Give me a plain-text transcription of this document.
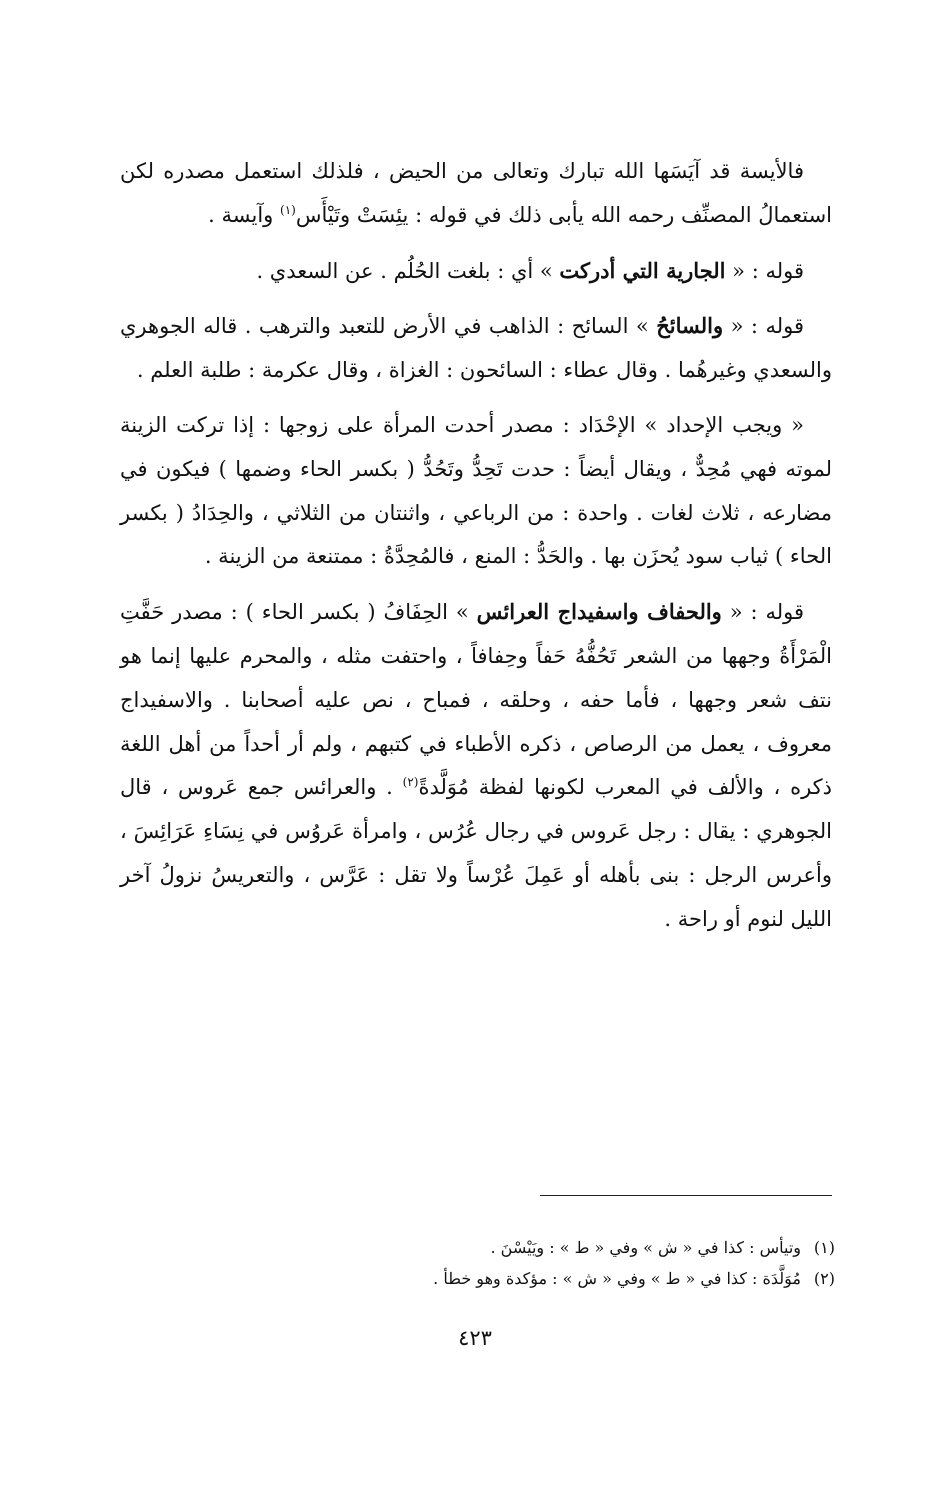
فالأيسة قد آيَسَها الله تبارك وتعالى من الحيض ، فلذلك استعمل مصدره لكن استعمالُ المصنِّف رحمه الله يأبى ذلك في قوله : يئِسَتْ وتَيْأَس$^{(١)}$ وآيسة .

قوله : « الجارية التي أدركت » أي : بلغت الحُلُم . عن السعدي .

قوله : « والسائحُ » السائح : الذاهب في الأرض للتعبد والترهب . قاله الجوهري والسعدي وغيرهُما . وقال عطاء : السائحون : الغزاة ، وقال عكرمة : طلبة العلم .

« ويجب الإحداد » الإحْدَاد : مصدر أحدت المرأة على زوجها : إذا تركت الزينة لموته فهي مُحِدٌّ ، ويقال أيضاً : حدت تَحِدُّ وتَحُدُّ ( بكسر الحاء وضمها ) فيكون في مضارعه ، ثلاث لغات . واحدة : من الرباعي ، واثنتان من الثلاثي ، والحِدَادُ ( بكسر الحاء ) ثياب سود يُحزَن بها . والحَدُّ : المنع ، فالمُحِدَّةُ : ممتنعة من الزينة .

قوله : « والحفاف واسفيداج العرائس » الحِفَافُ ( بكسر الحاء ) : مصدر حَفَّتِ الْمَرْأَةُ وجهها من الشعر تَحُفُّهُ حَفاً وحِفافاً ، واحتفت مثله ، والمحرم عليها إنما هو نتف شعر وجهها ، فأما حفه ، وحلقه ، فمباح ، نص عليه أصحابنا . والاسفيداج معروف ، يعمل من الرصاص ، ذكره الأطباء في كتبهم ، ولم أر أحداً من أهل اللغة ذكره ، والألف في المعرب لكونها لفظة مُوَلَّدةً$^{(٢)}$ . والعرائس جمع عَروس ، قال الجوهري : يقال : رجل عَروس في رجال عُرُس ، وامرأة عَروُس في نِسَاءِ عَرَائِسَ ، وأعرس الرجل : بنى بأهله أو عَمِلَ عُرْساً ولا تقل : عَرَّس ، والتعريسُ نزولُ آخر الليل لنوم أو راحة .

(١)وتيأس : كذا في « ش » وفي « ط » : ويَيْسْنَ .

(٢)مُوَلَّدَة : كذا في « ط » وفي « ش » : مؤكدة وهو خطأ .

٤٢٣
